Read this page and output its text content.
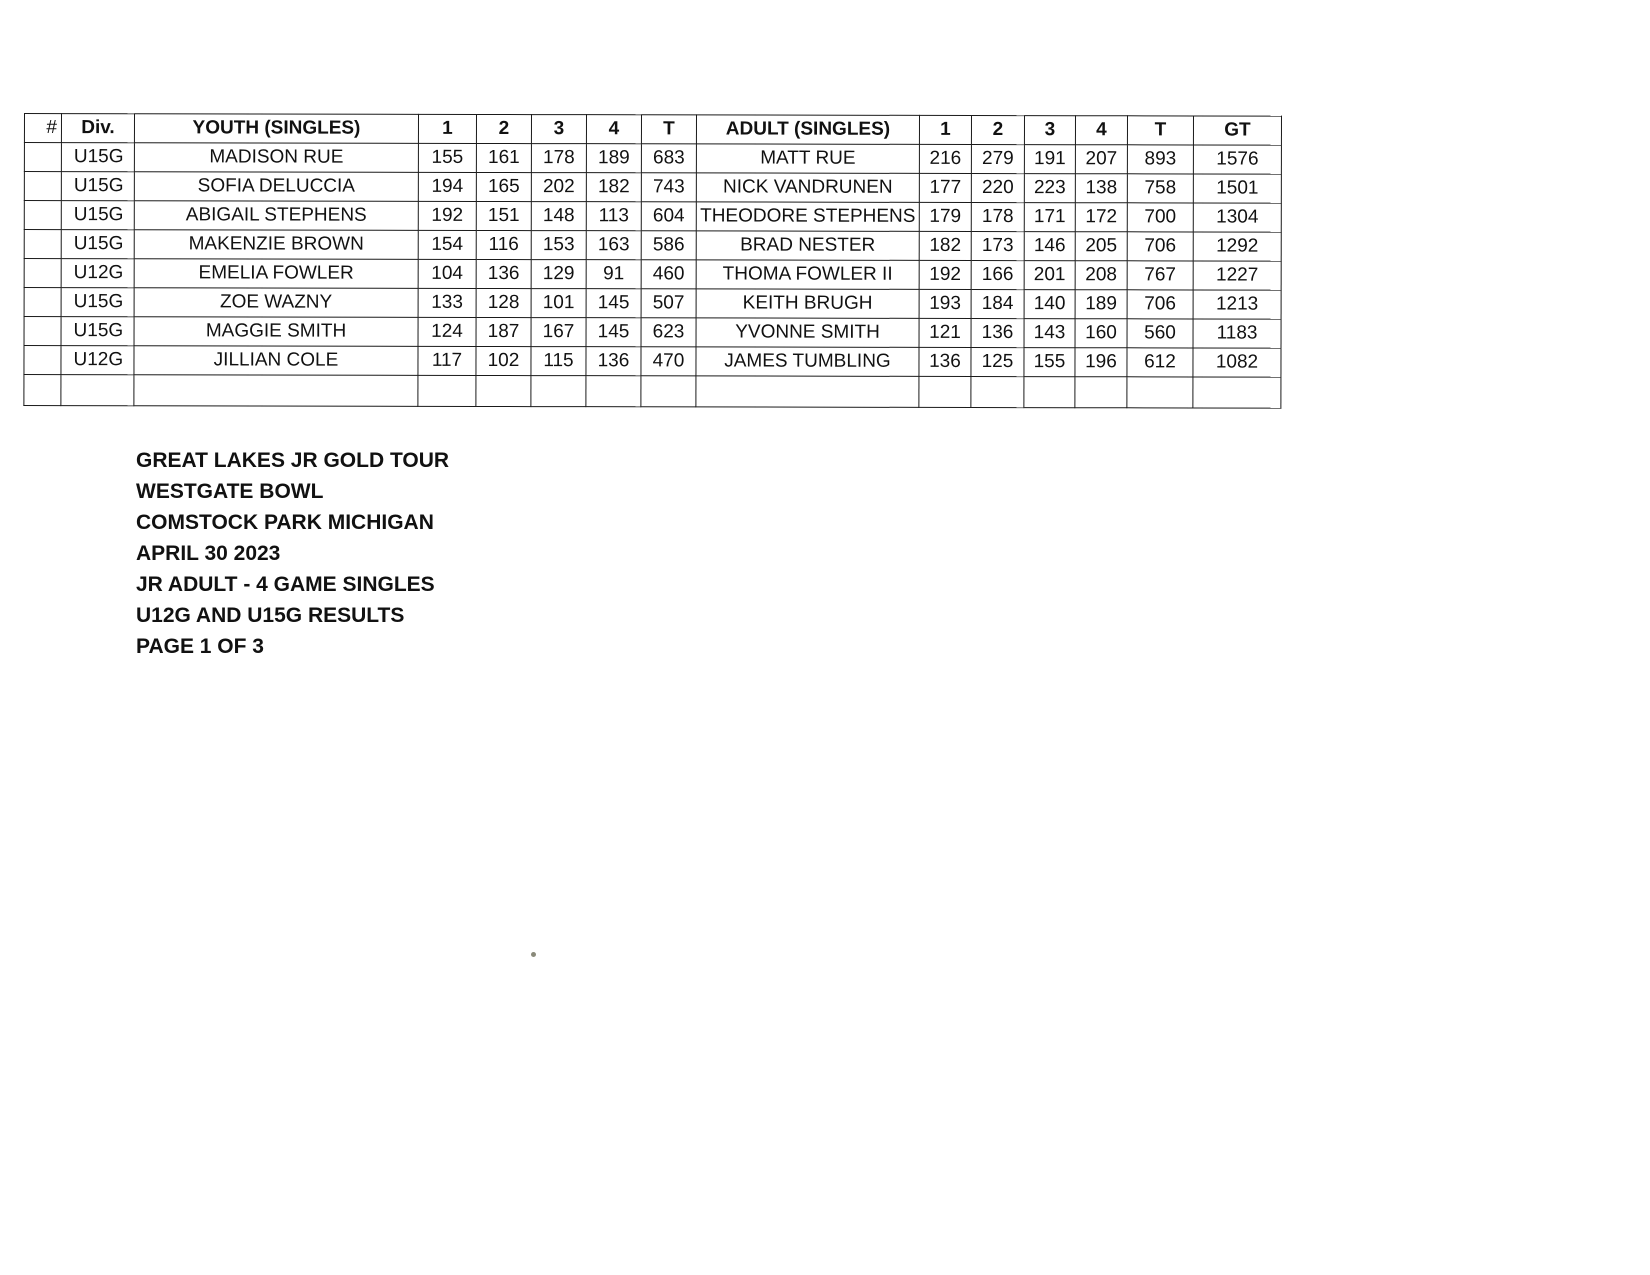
#	Div.	YOUTH (SINGLES)	1	2	3	4	T	ADULT (SINGLES)	1	2	3	4	T	GT
	U15G	MADISON RUE	155	161	178	189	683	MATT RUE	216	279	191	207	893	1576
	U15G	SOFIA DELUCCIA	194	165	202	182	743	NICK VANDRUNEN	177	220	223	138	758	1501
	U15G	ABIGAIL STEPHENS	192	151	148	113	604	THEODORE STEPHENS	179	178	171	172	700	1304
	U15G	MAKENZIE BROWN	154	116	153	163	586	BRAD NESTER	182	173	146	205	706	1292
	U12G	EMELIA FOWLER	104	136	129	91	460	THOMA FOWLER II	192	166	201	208	767	1227
	U15G	ZOE WAZNY	133	128	101	145	507	KEITH BRUGH	193	184	140	189	706	1213
	U15G	MAGGIE SMITH	124	187	167	145	623	YVONNE SMITH	121	136	143	160	560	1183
	U12G	JILLIAN COLE	117	102	115	136	470	JAMES TUMBLING	136	125	155	196	612	1082

GREAT LAKES JR GOLD TOUR
WESTGATE BOWL
COMSTOCK PARK MICHIGAN
APRIL 30 2023
JR ADULT - 4 GAME SINGLES
U12G AND U15G RESULTS
PAGE 1 OF 3
